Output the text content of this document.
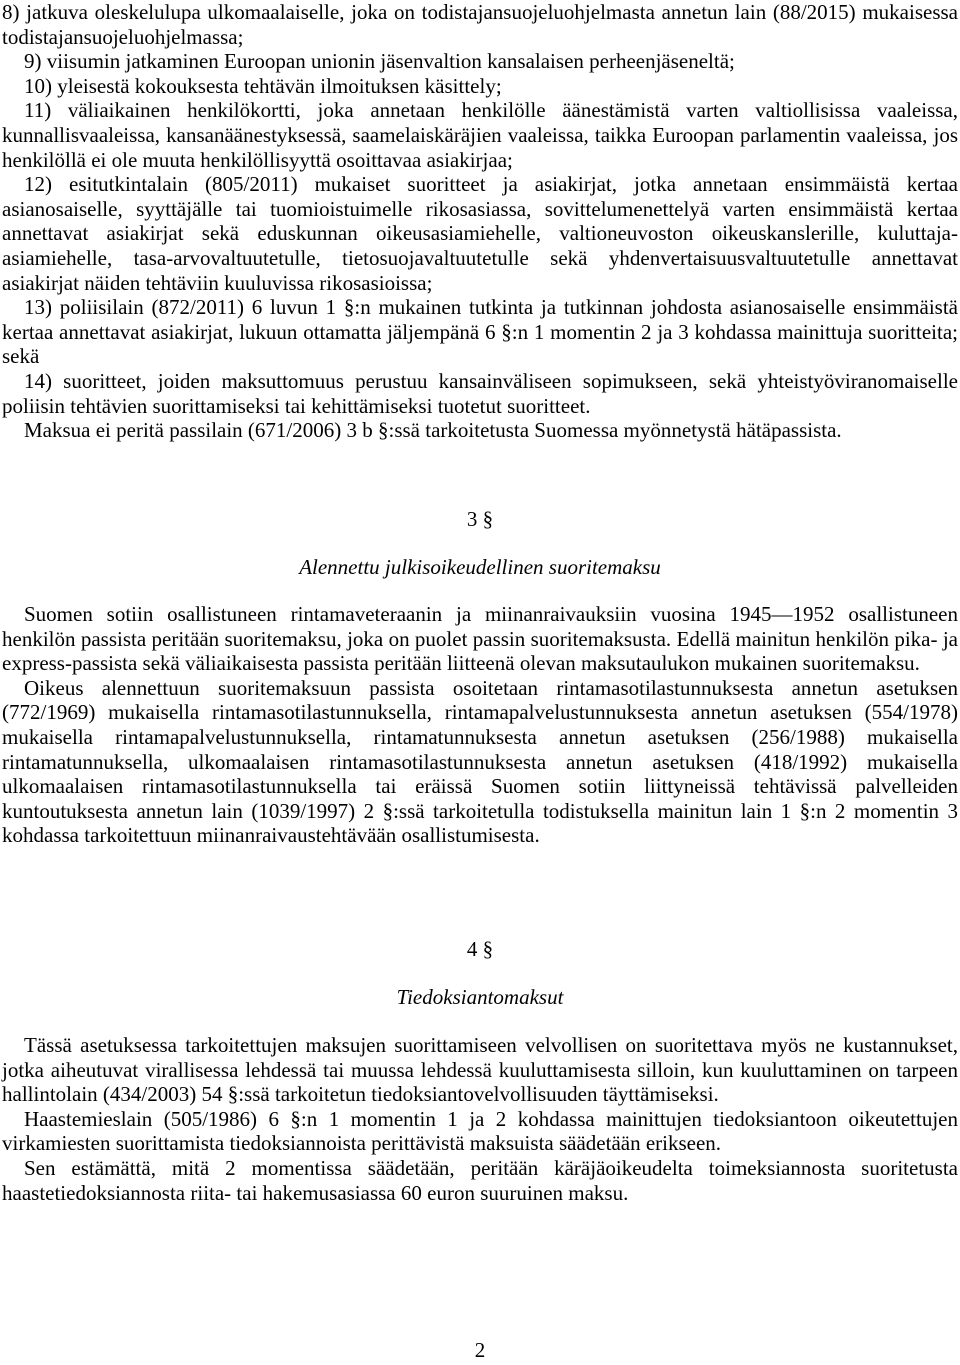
8) jatkuva oleskelulupa ulkomaalaiselle, joka on todistajansuojeluohjelmasta annetun lain (88/2015) mukaisessa todistajansuojeluohjelmassa;

9) viisumin jatkaminen Euroopan unionin jäsenvaltion kansalaisen perheenjäseneltä;

10) yleisestä kokouksesta tehtävän ilmoituksen käsittely;

11) väliaikainen henkilökortti, joka annetaan henkilölle äänestämistä varten valtiollisissa vaaleissa, kunnallisvaaleissa, kansanäänestyksessä, saamelaiskäräjien vaaleissa, taikka Euroopan parlamentin vaaleissa, jos henkilöllä ei ole muuta henkilöllisyyttä osoittavaa asiakirjaa;

12) esitutkintalain (805/2011) mukaiset suoritteet ja asiakirjat, jotka annetaan ensimmäistä kertaa asianosaiselle, syyttäjälle tai tuomioistuimelle rikosasiassa, sovittelumenettelyä varten ensimmäistä kertaa annettavat asiakirjat sekä eduskunnan oikeusasiamiehelle, valtioneuvoston oikeuskanslerille, kuluttaja-asiamiehelle, tasa-arvovaltuutetulle, tietosuojavaltuutetulle sekä yhdenvertaisuusvaltuutetulle annettavat asiakirjat näiden tehtäviin kuuluvissa rikosasioissa;

13) poliisilain (872/2011) 6 luvun 1 §:n mukainen tutkinta ja tutkinnan johdosta asianosaiselle ensimmäistä kertaa annettavat asiakirjat, lukuun ottamatta jäljempänä 6 §:n 1 momentin 2 ja 3 kohdassa mainittuja suoritteita; sekä

14) suoritteet, joiden maksuttomuus perustuu kansainväliseen sopimukseen, sekä yhteistyöviranomaiselle poliisin tehtävien suorittamiseksi tai kehittämiseksi tuotetut suoritteet.

Maksua ei peritä passilain (671/2006) 3 b §:ssä tarkoitetusta Suomessa myönnetystä hätäpassista.

3 §
Alennettu julkisoikeudellinen suoritemaksu

Suomen sotiin osallistuneen rintamaveteraanin ja miinanraivauksiin vuosina 1945—1952 osallistuneen henkilön passista peritään suoritemaksu, joka on puolet passin suoritemaksusta. Edellä mainitun henkilön pika- ja express-passista sekä väliaikaisesta passista peritään liitteenä olevan maksutaulukon mukainen suoritemaksu.

Oikeus alennettuun suoritemaksuun passista osoitetaan rintamasotilastunnuksesta annetun asetuksen (772/1969) mukaisella rintamasotilastunnuksella, rintamapalvelustunnuksesta annetun asetuksen (554/1978) mukaisella rintamapalvelustunnuksella, rintamatunnuksesta annetun asetuksen (256/1988) mukaisella rintamatunnuksella, ulkomaalaisen rintamasotilastunnuksesta annetun asetuksen (418/1992) mukaisella ulkomaalaisen rintamasotilastunnuksella tai eräissä Suomen sotiin liittyneissä tehtävissä palvelleiden kuntoutuksesta annetun lain (1039/1997) 2 §:ssä tarkoitetulla todistuksella mainitun lain 1 §:n 2 momentin 3 kohdassa tarkoitettuun miinanraivaustehtävään osallistumisesta.

4 §
Tiedoksiantomaksut

Tässä asetuksessa tarkoitettujen maksujen suorittamiseen velvollisen on suoritettava myös ne kustannukset, jotka aiheutuvat virallisessa lehdessä tai muussa lehdessä kuuluttamisesta silloin, kun kuuluttaminen on tarpeen hallintolain (434/2003) 54 §:ssä tarkoitetun tiedoksiantovelvollisuuden täyttämiseksi.

Haastemieslain (505/1986) 6 §:n 1 momentin 1 ja 2 kohdassa mainittujen tiedoksiantoon oikeutettujen virkamiesten suorittamista tiedoksiannoista perittävistä maksuista säädetään erikseen.

Sen estämättä, mitä 2 momentissa säädetään, peritään käräjäoikeudelta toimeksiannosta suoritetusta haastetiedoksiannosta riita- tai hakemusasiassa 60 euron suuruinen maksu.

2
